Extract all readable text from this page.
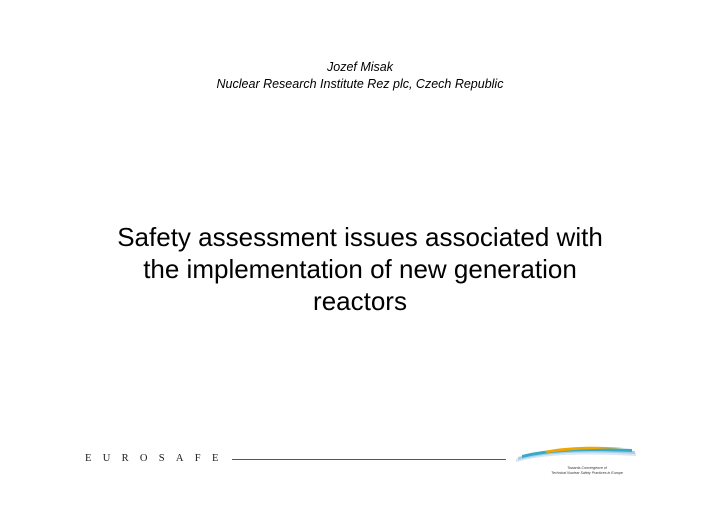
Jozef Misak
Nuclear Research Institute Rez plc, Czech Republic
Safety assessment issues associated with
the implementation of new generation
reactors
EUROSAFE
Towards Convergence of
Technical Nuclear Safety Practices in Europe
